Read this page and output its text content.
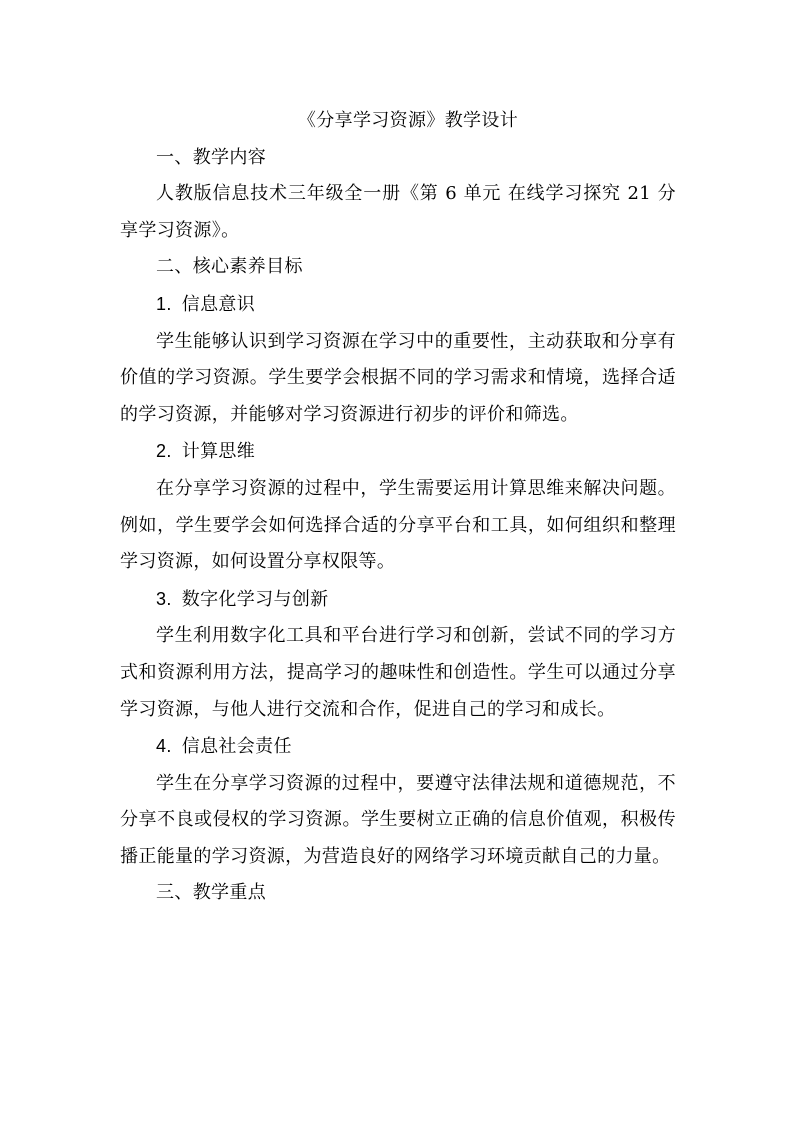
《分享学习资源》教学设计

一、教学内容

人教版信息技术三年级全一册《第 6 单元 在线学习探究 21 分享学习资源》。

二、核心素养目标

1. 信息意识

学生能够认识到学习资源在学习中的重要性，主动获取和分享有价值的学习资源。学生要学会根据不同的学习需求和情境，选择合适的学习资源，并能够对学习资源进行初步的评价和筛选。

2. 计算思维

在分享学习资源的过程中，学生需要运用计算思维来解决问题。例如，学生要学会如何选择合适的分享平台和工具，如何组织和整理学习资源，如何设置分享权限等。

3. 数字化学习与创新

学生利用数字化工具和平台进行学习和创新，尝试不同的学习方式和资源利用方法，提高学习的趣味性和创造性。学生可以通过分享学习资源，与他人进行交流和合作，促进自己的学习和成长。

4. 信息社会责任

学生在分享学习资源的过程中，要遵守法律法规和道德规范，不分享不良或侵权的学习资源。学生要树立正确的信息价值观，积极传播正能量的学习资源，为营造良好的网络学习环境贡献自己的力量。

三、教学重点
